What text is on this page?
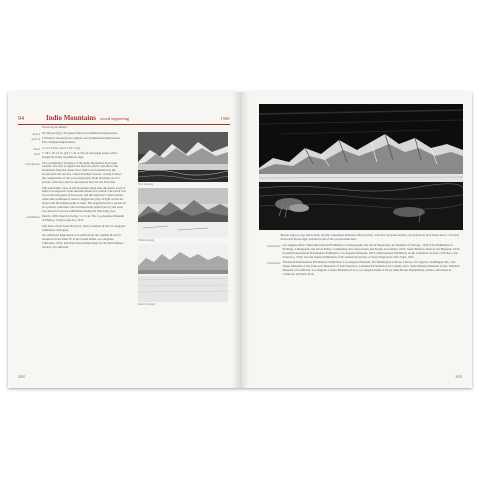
94	Indio Mountains wood engraving	1930
Proof on parchment.
state I 30 trial proof(s); 30 signed/titled, and numbered impressions.
state II 150 hand-colored (from original wood) numbered impressions; Five unsigned impressions.
block 4 x 13 1/4 in. (10.2 x 33.7 cm)
sheet 7 1/8 x 16 1/4 in. (18.1 x 41.3 cm) on laid japan paper, with a margin from the woodblock edge.
inscriptions Two preliminary drawings of the Indio Mountains have been located. The first is signed and dated in pencil, and shows the mountains from the desert floor with rock formations in the foreground; the second, a more finished version, closely follows the composition of the wood engraving. Both drawings are in a private collection and are reproduced here for the first time.
This panoramic view of the mountain range near the desert town of Indio was engraved from sketches made on location. The block was cut on the end grain of boxwood, and the engraver's characteristic white-line technique is used to suggest the play of light across the slopes and the distant peaks at dusk. The original block is preserved in a private collection, and an impression pulled later by the artist was shown at several exhibitions during the following year.
exhibitions Pencil, 1930. Pencil drawing, 5 x 11 in. The Los Angeles Museum of History, Science and Art, 1931.
The lines of text from the block, from a number of the Los Angeles exhibition catalogues.
An additional impression was pulled from the original block for inclusion in the Plate IV at the Grand Palais, Los Angeles, California, 1932, and Prize Wood Engravings by the Print Makers Society of California.
First drawing
Third drawing
Pencil drawing
268
Border edges at top and bottom, and the watermark indicates offset (cellar). The first and plate surface, the printed in bold black ink at 1/16 inch from each block edge. A tinted wash of the process indicated.
exhibitions Los Angeles Print. Third International Exhibition of Lithography and Wood Engraving, Art Institute of Chicago, 1930; First Exhibition of Etchings, Lithographs and Wood Prints, Community Arts Association and Fresno Art Gallery, 1931; Santa Barbara; Denver Art Museum, 1932; Seventh International Printmakers Exhibition, Los Angeles Museum, 1933; Ninth Annual Exhibition of the California Society of Etchers, San Francisco, 1934; Second Annual Exhibition of the American Society of Wood Engravers, New York, 1935.
collections Thirteenth International Printmakers Exhibition, Los Angeles Museum; The Huntington Library; Library of Congress, Washington DC; San Diego Museum of Art; Fine Arts Museums of San Francisco, Achenbach Foundation for Graphic Arts; Santa Barbara Museum of Art; Oakland Museum of California; Los Angeles County Museum of Art; Los Angeles Public Library, Rare Books Department; private collections in California and New York.
269
